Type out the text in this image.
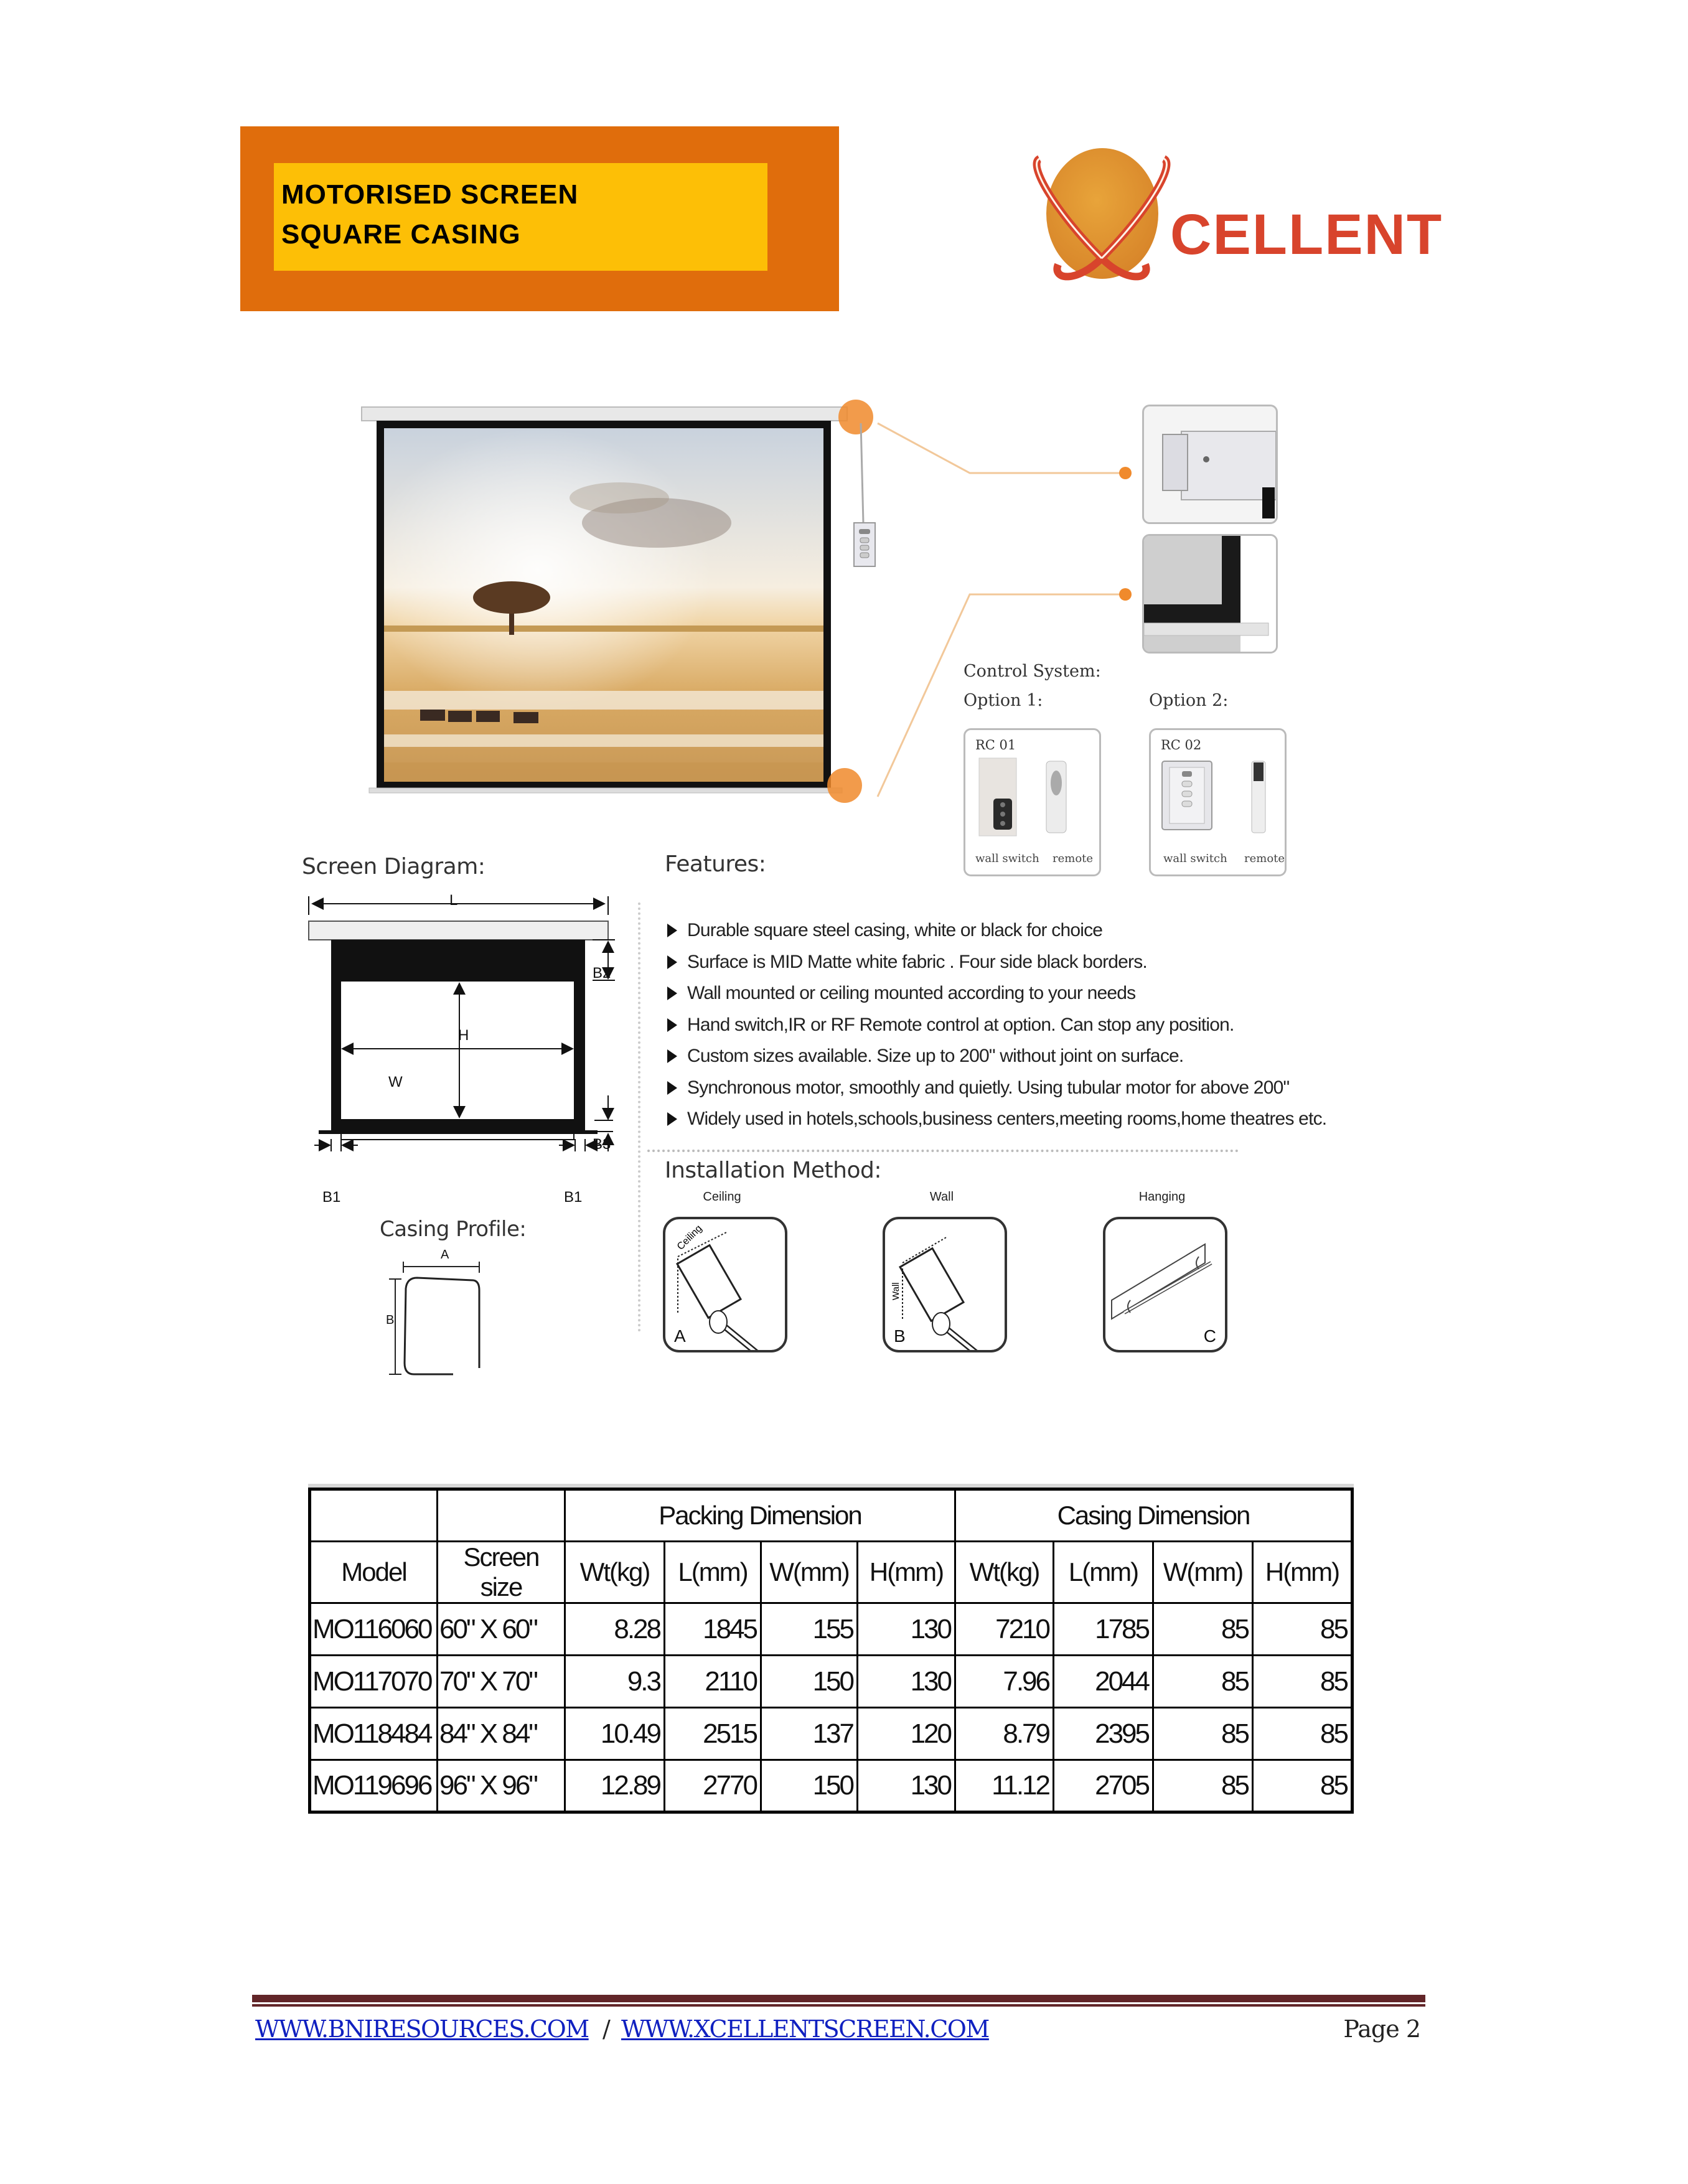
MOTORISED SCREEN
SQUARE CASING	CELLENT
Control System:
Option 1:	Option 2:
RC 01
wall switch remote
RC 02
wall switch remote
Screen Diagram:
L
H
W
B2
B3
B1	B1
Casing Profile:
A
B
Features:
Durable square steel casing, white or black for choice
Surface is MID Matte white fabric . Four side black borders.
Wall mounted or ceiling mounted according to your needs
Hand switch,IR or RF Remote control at option. Can stop any position.
Custom sizes available. Size up to 200" without joint on surface.
Synchronous motor, smoothly and quietly. Using tubular motor for above 200"
Widely used in hotels,schools,business centers,meeting rooms,home theatres etc.
Installation Method:
Ceiling
Ceiling
A
Wall
Wall
B
Hanging
C
		Packing Dimension				Casing Dimension			
Model	Screen size	Wt(kg)	L(mm)	W(mm)	H(mm)	Wt(kg)	L(mm)	W(mm)	H(mm)
MO116060	60" X 60"	8.28	1845	155	130	7210	1785	85	85
MO117070	70" X 70"	9.3	2110	150	130	7.96	2044	85	85
MO118484	84" X 84"	10.49	2515	137	120	8.79	2395	85	85
MO119696	96" X 96"	12.89	2770	150	130	11.12	2705	85	85
WWW.BNIRESOURCES.COM / WWW.XCELLENTSCREEN.COM	Page 2
